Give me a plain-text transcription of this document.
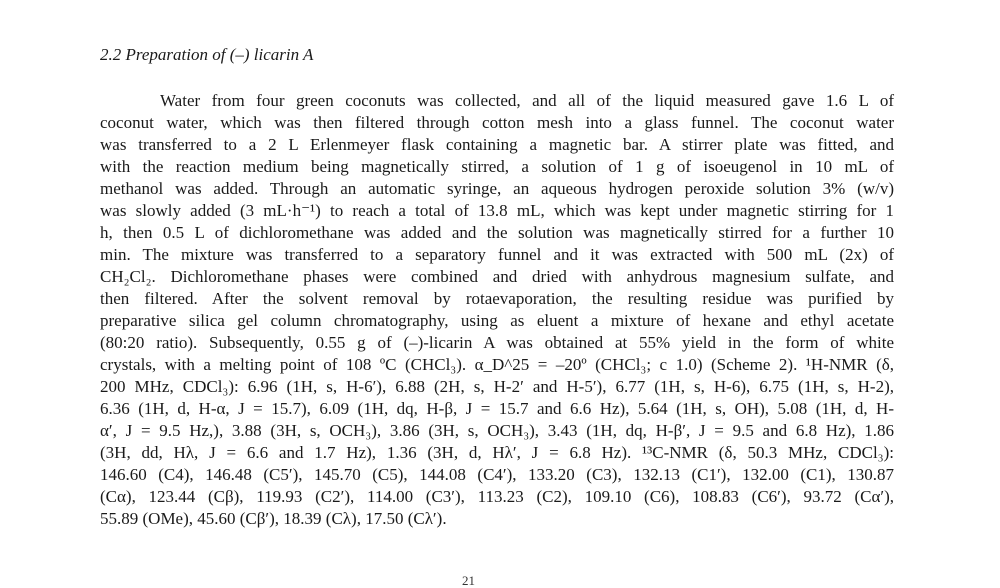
2.2 Preparation of (–) licarin A
Water from four green coconuts was collected, and all of the liquid measured gave 1.6 L of
coconut water, which was then filtered through cotton mesh into a glass funnel. The coconut water
was transferred to a 2 L Erlenmeyer flask containing a magnetic bar. A stirrer plate was fitted, and
with the reaction medium being magnetically stirred, a solution of 1 g of isoeugenol in 10 mL of
methanol was added. Through an automatic syringe, an aqueous hydrogen peroxide solution 3% (w/v)
was slowly added (3 mL·h⁻¹) to reach a total of 13.8 mL, which was kept under magnetic stirring for 1
h, then 0.5 L of dichloromethane was added and the solution was magnetically stirred for a further 10
min. The mixture was transferred to a separatory funnel and it was extracted with 500 mL (2x) of
CH₂Cl₂. Dichloromethane phases were combined and dried with anhydrous magnesium sulfate, and
then filtered. After the solvent removal by rotaevaporation, the resulting residue was purified by
preparative silica gel column chromatography, using as eluent a mixture of hexane and ethyl acetate
(80:20 ratio). Subsequently, 0.55 g of (–)-licarin A was obtained at 55% yield in the form of white
crystals, with a melting point of 108 ºC (CHCl₃). α_D^25 = –20º (CHCl₃; c 1.0) (Scheme 2). ¹H-NMR (δ,
200 MHz, CDCl₃): 6.96 (1H, s, H-6′), 6.88 (2H, s, H-2′ and H-5′), 6.77 (1H, s, H-6), 6.75 (1H, s, H-2),
6.36 (1H, d, H-α, J = 15.7), 6.09 (1H, dq, H-β, J = 15.7 and 6.6 Hz), 5.64 (1H, s, OH), 5.08 (1H, d, H-
α′, J = 9.5 Hz,), 3.88 (3H, s, OCH₃), 3.86 (3H, s, OCH₃), 3.43 (1H, dq, H-β′, J = 9.5 and 6.8 Hz), 1.86
(3H, dd, Hλ, J = 6.6 and 1.7 Hz), 1.36 (3H, d, Hλ′, J = 6.8 Hz). ¹³C-NMR (δ, 50.3 MHz, CDCl₃):
146.60 (C4), 146.48 (C5′), 145.70 (C5), 144.08 (C4′), 133.20 (C3), 132.13 (C1′), 132.00 (C1), 130.87
(Cα), 123.44 (Cβ), 119.93 (C2′), 114.00 (C3′), 113.23 (C2), 109.10 (C6), 108.83 (C6′), 93.72 (Cα′),
55.89 (OMe), 45.60 (Cβ′), 18.39 (Cλ), 17.50 (Cλ′).
21
